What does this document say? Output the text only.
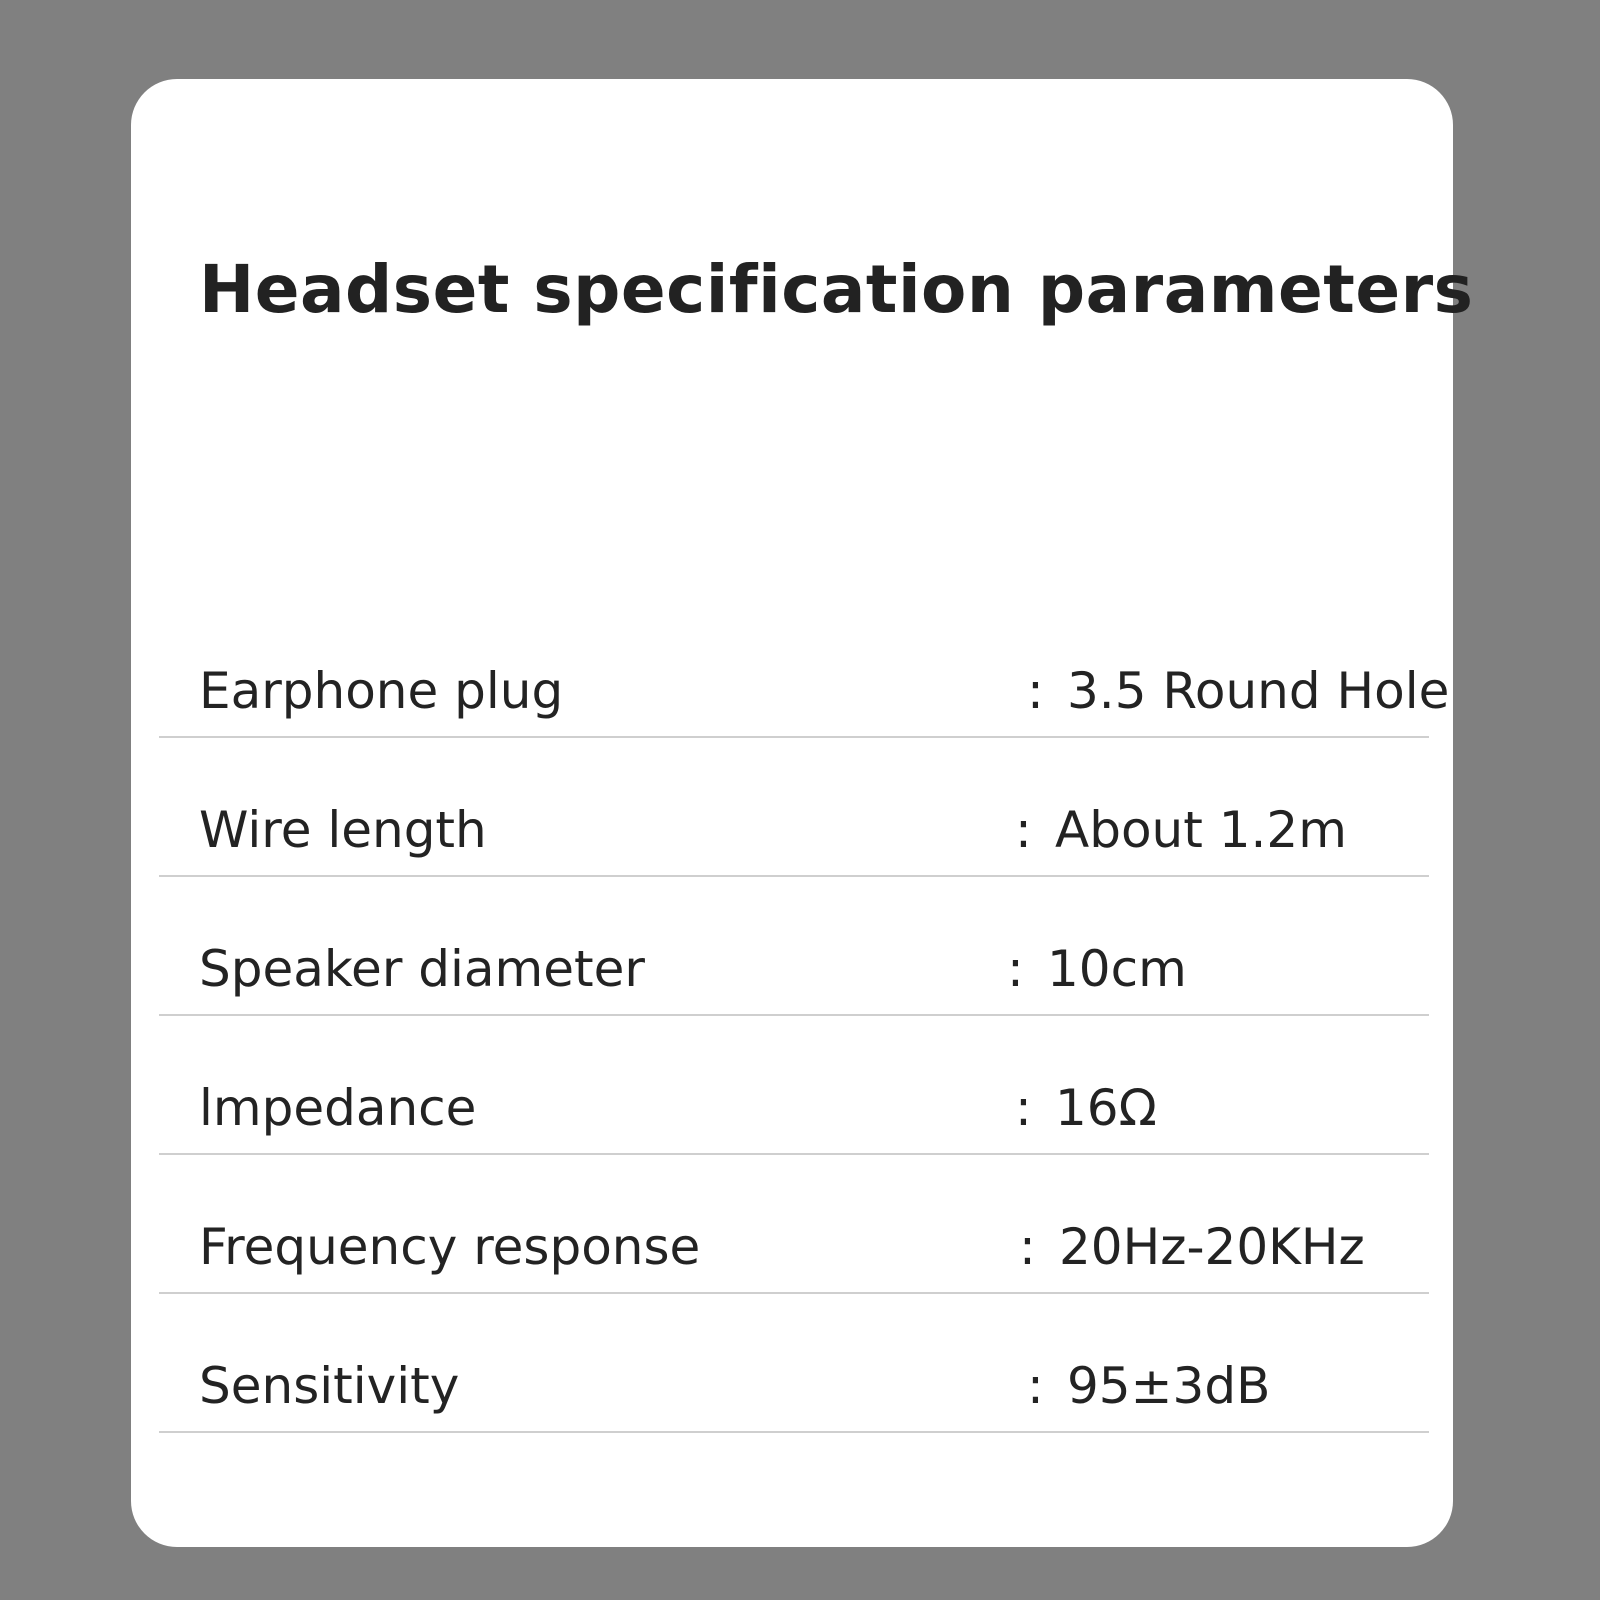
Headset specification parameters
Earphone plug	: 3.5 Round Hole
Wire length	: About 1.2m
Speaker diameter	: 10cm
lmpedance	: 16Ω
Frequency response	: 20Hz-20KHz
Sensitivity	: 95±3dB
